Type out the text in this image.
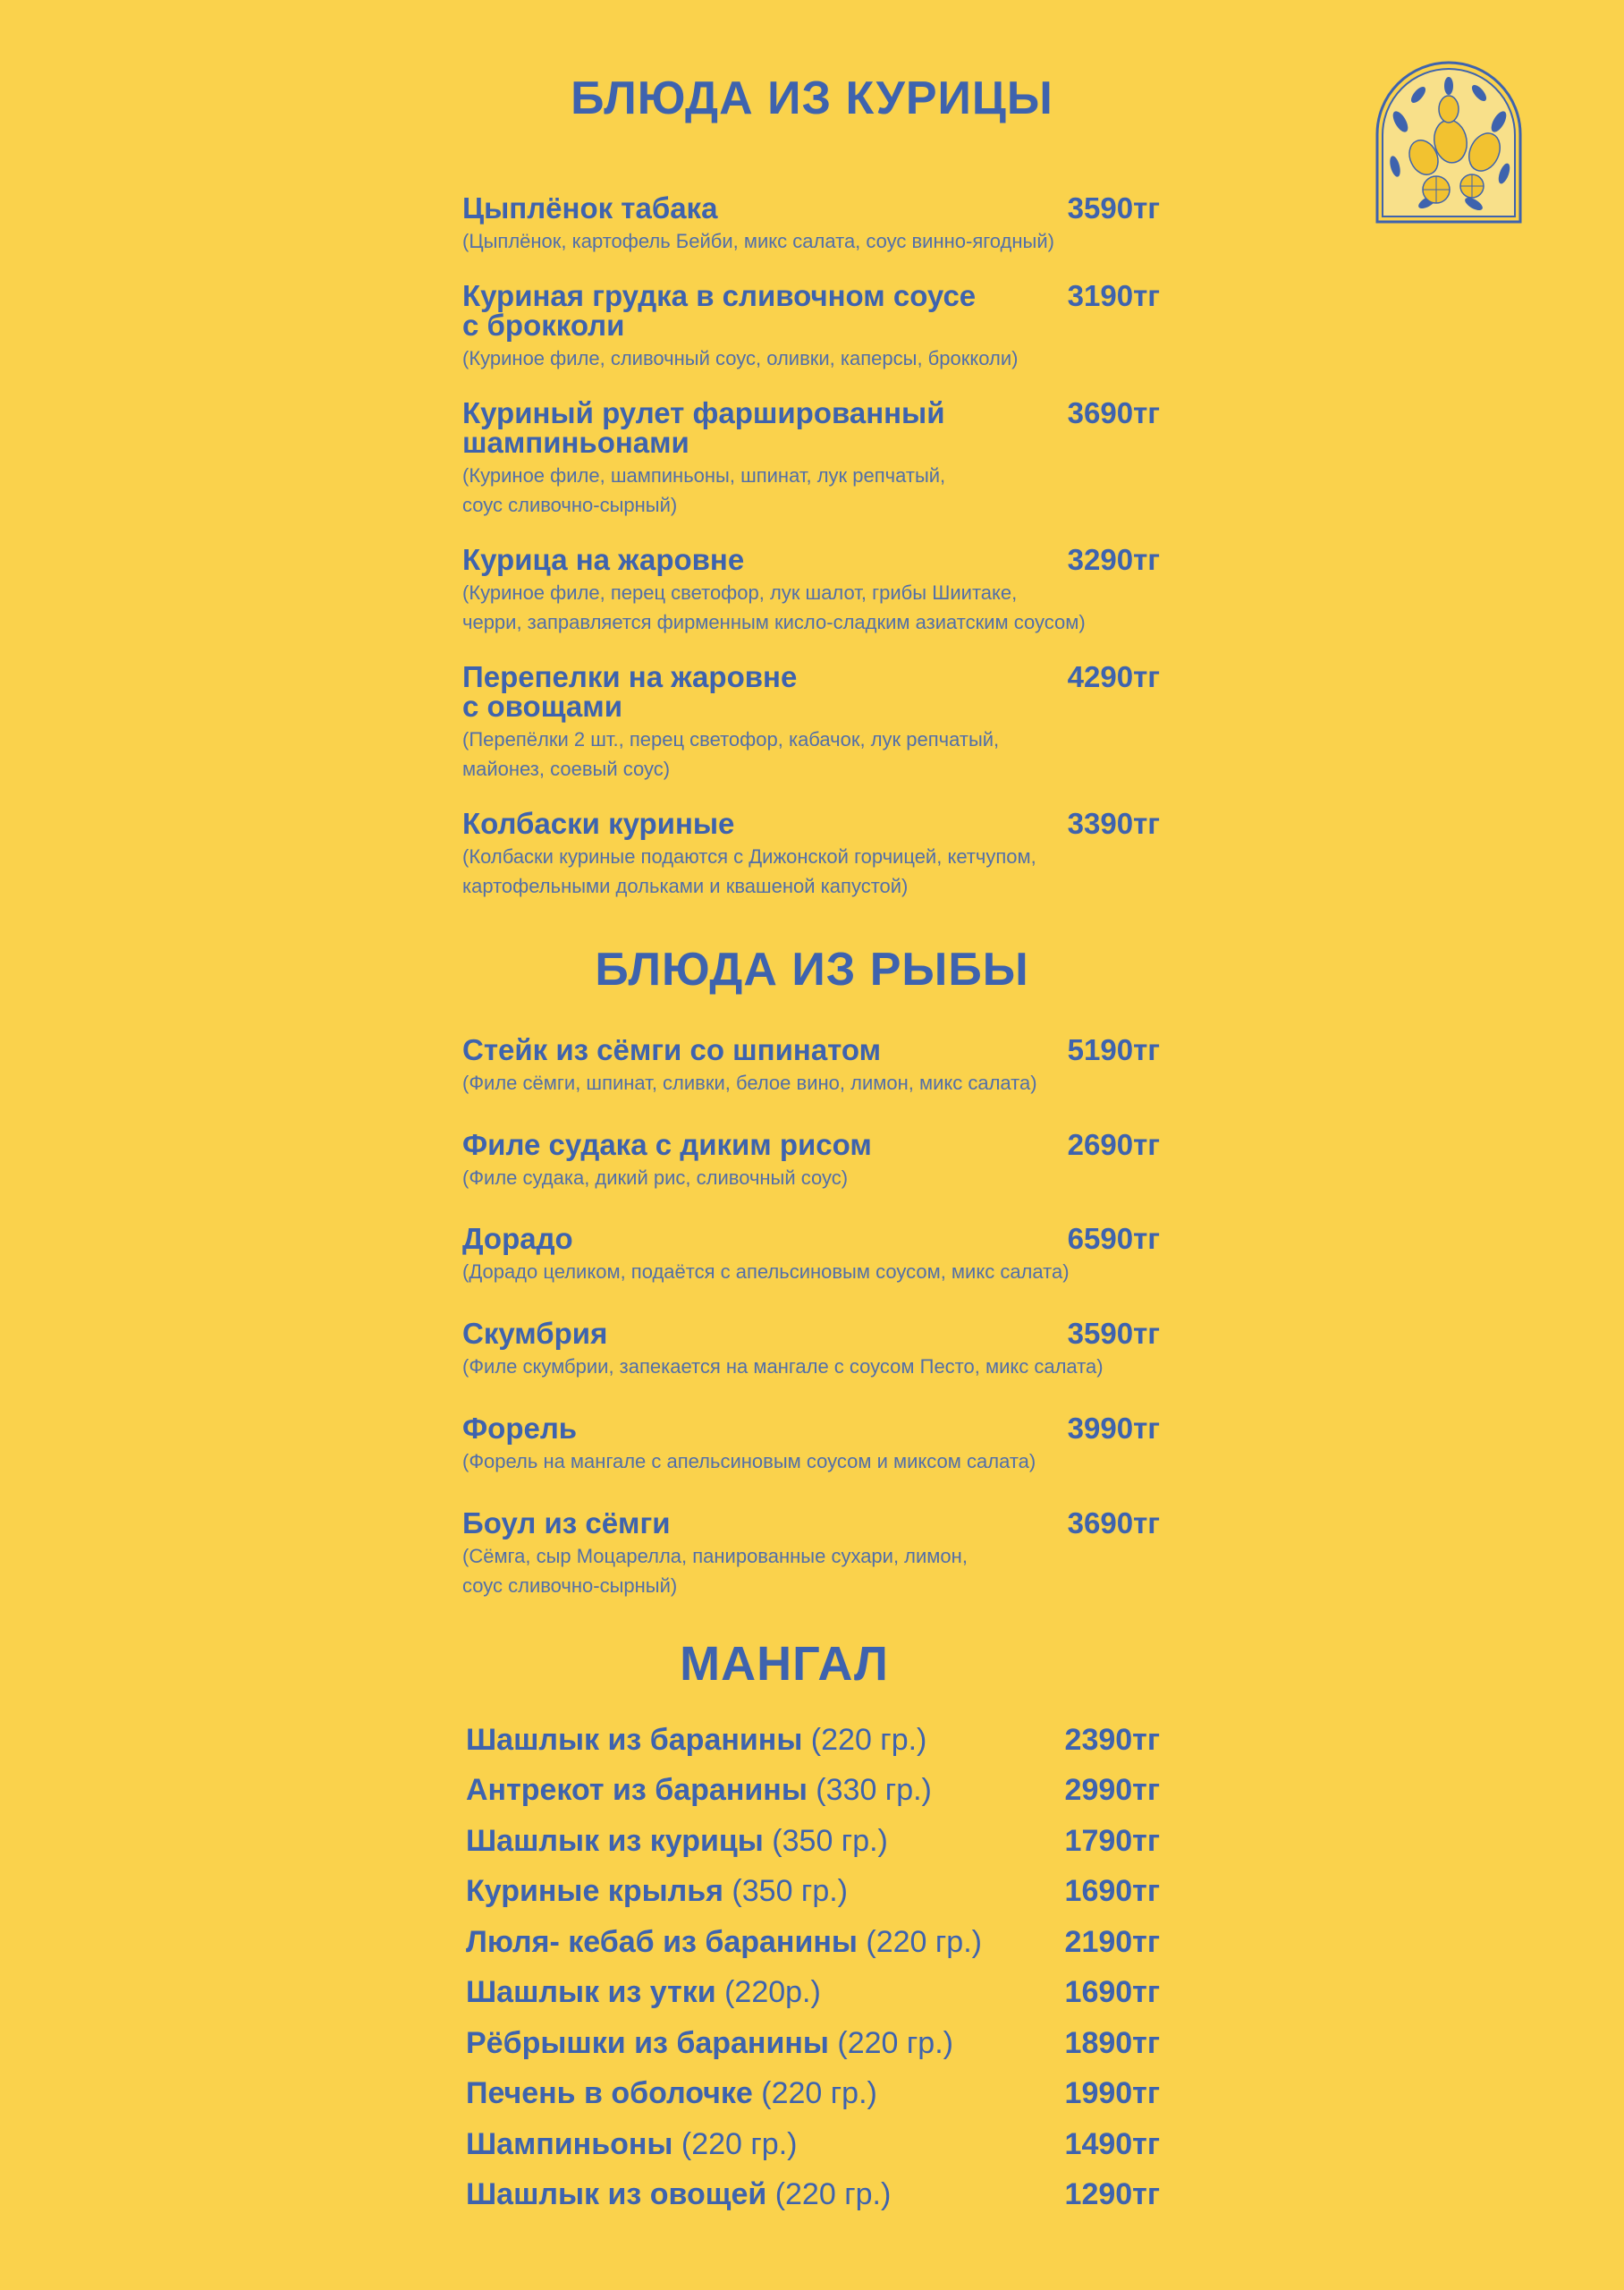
БЛЮДА ИЗ КУРИЦЫ
Цыплёнок табака	3590тг
(Цыплёнок, картофель Бейби, микс салата, соус винно-ягодный)
Куриная грудка в сливочном соусе
с брокколи
3190тг
(Куриное филе, сливочный соус, оливки, каперсы, брокколи)
Куриный рулет фаршированный
шампиньонами
3690тг
(Куриное филе, шампиньоны, шпинат, лук репчатый,
соус сливочно-сырный)
Курица на жаровне	3290тг
(Куриное филе, перец светофор, лук шалот, грибы Шиитаке,
черри, заправляется фирменным кисло-сладким азиатским соусом)
Перепелки на жаровне
с овощами
4290тг
(Перепёлки 2 шт., перец светофор, кабачок, лук репчатый,
майонез, соевый соус)
Колбаски куриные	3390тг
(Колбаски куриные подаются с Дижонской горчицей, кетчупом,
картофельными дольками и квашеной капустой)
БЛЮДА ИЗ РЫБЫ
Стейк из сёмги со шпинатом	5190тг
(Филе сёмги, шпинат, сливки, белое вино, лимон, микс салата)
Филе судака с диким рисом	2690тг
(Филе судака, дикий рис, сливочный соус)
Дорадо	6590тг
(Дорадо целиком, подаётся с апельсиновым соусом, микс салата)
Скумбрия	3590тг
(Филе скумбрии, запекается на мангале с соусом Песто, микс салата)
Форель	3990тг
(Форель на мангале с апельсиновым соусом и миксом салата)
Боул из сёмги	3690тг
(Сёмга, сыр Моцарелла, панированные сухари, лимон,
соус сливочно-сырный)
МАНГАЛ
Шашлык из баранины (220 гр.)	2390тг
Антрекот из баранины (330 гр.)	2990тг
Шашлык из курицы (350 гр.)	1790тг
Куриные крылья (350 гр.)	1690тг
Люля- кебаб из баранины (220 гр.)	2190тг
Шашлык из утки (220р.)	1690тг
Рёбрышки из баранины (220 гр.)	1890тг
Печень в оболочке (220 гр.)	1990тг
Шампиньоны (220 гр.)	1490тг
Шашлык из овощей (220 гр.)	1290тг
